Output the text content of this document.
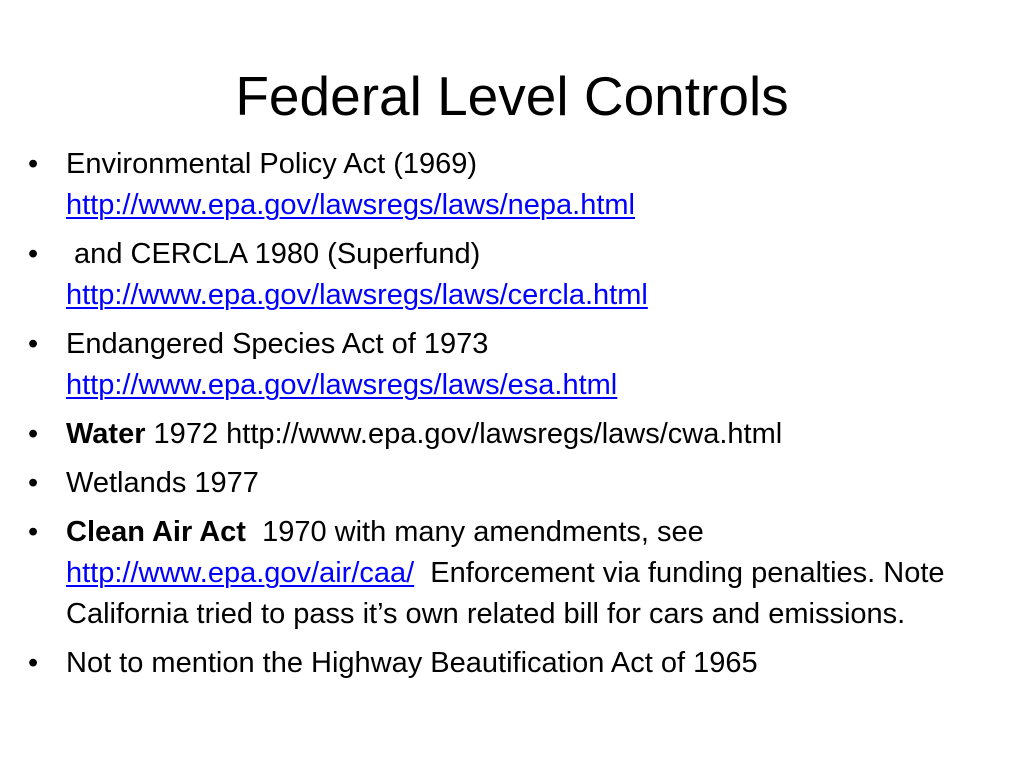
Federal Level Controls
• Environmental Policy Act (1969)
http://www.epa.gov/lawsregs/laws/nepa.html
• and CERCLA 1980 (Superfund)
http://www.epa.gov/lawsregs/laws/cercla.html
• Endangered Species Act of 1973
http://www.epa.gov/lawsregs/laws/esa.html
• Water 1972 http://www.epa.gov/lawsregs/laws/cwa.html
• Wetlands 1977
• Clean Air Act  1970 with many amendments, see
http://www.epa.gov/air/caa/  Enforcement via funding penalties. Note California tried to pass it’s own related bill for cars and emissions.
• Not to mention the Highway Beautification Act of 1965
